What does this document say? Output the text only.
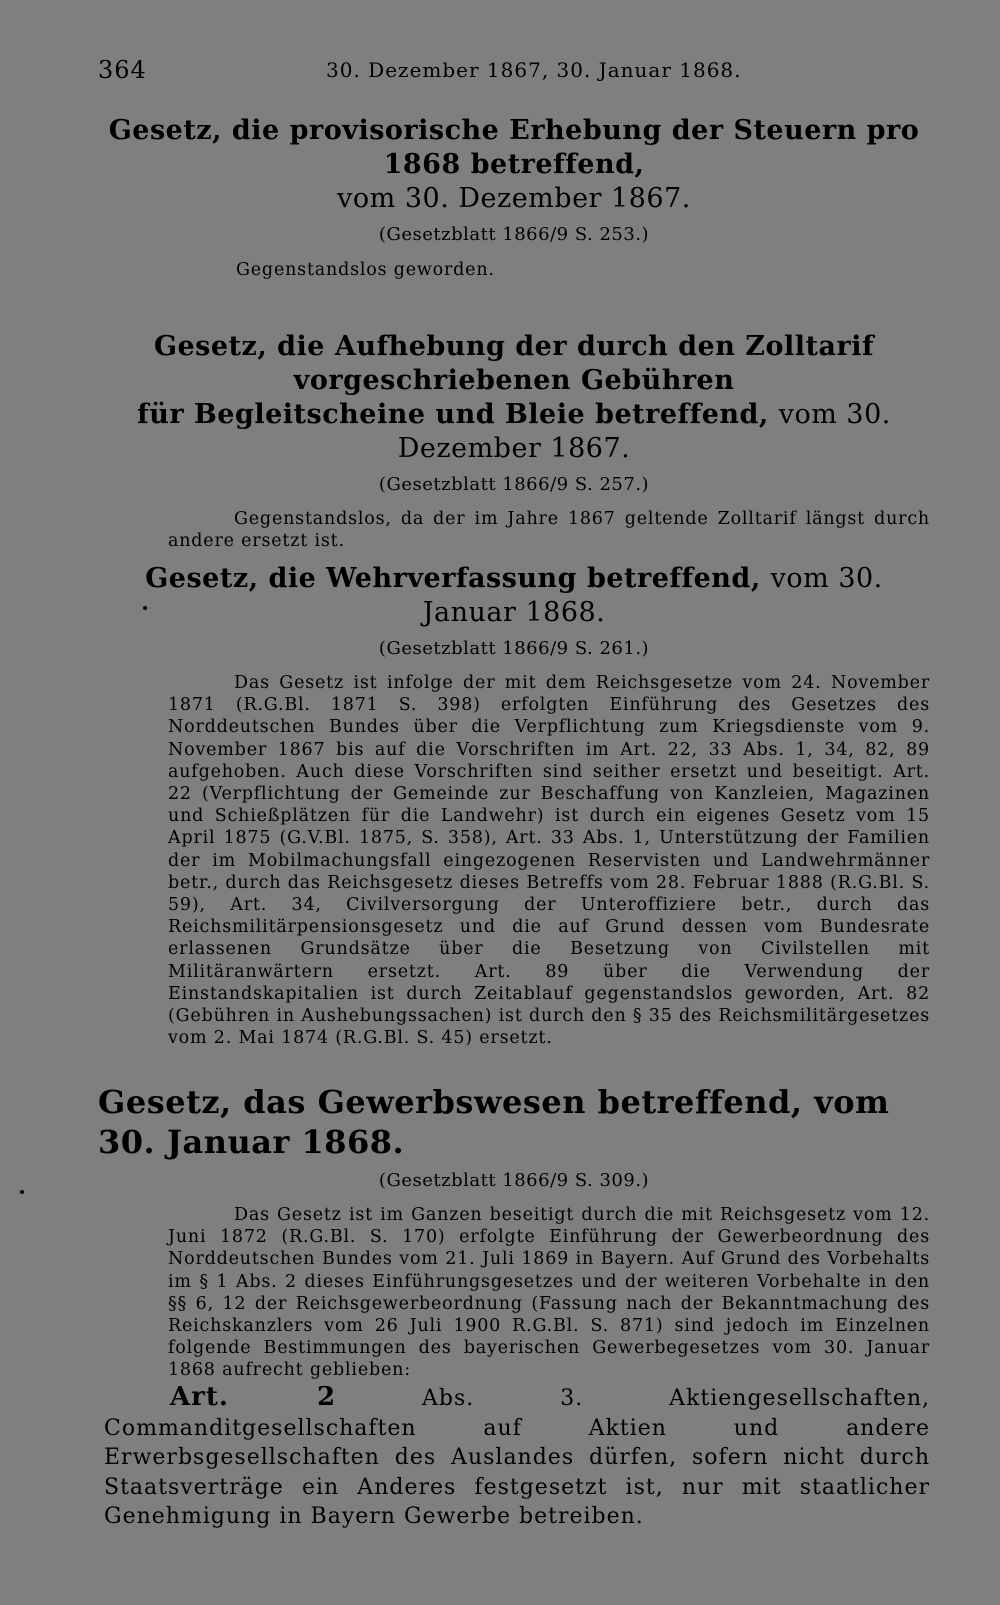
364	30. Dezember 1867, 30. Januar 1868.
Gesetz, die provisorische Erhebung der Steuern pro 1868 betreffend,
vom 30. Dezember 1867.
(Gesetzblatt 1866/9 S. 253.)
Gegenstandslos geworden.
Gesetz, die Aufhebung der durch den Zolltarif vorgeschriebenen Gebühren
für Begleitscheine und Bleie betreffend, vom 30. Dezember 1867.
(Gesetzblatt 1866/9 S. 257.)
Gegenstandslos, da der im Jahre 1867 geltende Zolltarif längst durch andere ersetzt ist.
Gesetz, die Wehrverfassung betreffend, vom 30. Januar 1868.
(Gesetzblatt 1866/9 S. 261.)
Das Gesetz ist infolge der mit dem Reichsgesetze vom 24. November 1871 (R.G.Bl. 1871 S. 398) erfolgten Einführung des Gesetzes des Norddeutschen Bundes über die Verpflichtung zum Kriegsdienste vom 9. November 1867 bis auf die Vorschriften im Art. 22, 33 Abs. 1, 34, 82, 89 aufgehoben. Auch diese Vorschriften sind seither ersetzt und beseitigt. Art. 22 (Verpflichtung der Gemeinde zur Beschaffung von Kanzleien, Magazinen und Schießplätzen für die Landwehr) ist durch ein eigenes Gesetz vom 15 April 1875 (G.V.Bl. 1875, S. 358), Art. 33 Abs. 1, Unterstützung der Familien der im Mobilmachungsfall eingezogenen Reservisten und Landwehrmänner betr., durch das Reichsgesetz dieses Betreffs vom 28. Februar 1888 (R.G.Bl. S. 59), Art. 34, Civilversorgung der Unteroffiziere betr., durch das Reichsmilitärpensionsgesetz und die auf Grund dessen vom Bundesrate erlassenen Grundsätze über die Besetzung von Civilstellen mit Militäranwärtern ersetzt. Art. 89 über die Verwendung der Einstandskapitalien ist durch Zeitablauf gegenstandslos geworden, Art. 82 (Gebühren in Aushebungssachen) ist durch den § 35 des Reichsmilitärgesetzes vom 2. Mai 1874 (R.G.Bl. S. 45) ersetzt.
Gesetz, das Gewerbswesen betreffend, vom 30. Januar 1868.
(Gesetzblatt 1866/9 S. 309.)
Das Gesetz ist im Ganzen beseitigt durch die mit Reichsgesetz vom 12. Juni 1872 (R.G.Bl. S. 170) erfolgte Einführung der Gewerbeordnung des Norddeutschen Bundes vom 21. Juli 1869 in Bayern. Auf Grund des Vorbehalts im § 1 Abs. 2 dieses Einführungsgesetzes und der weiteren Vorbehalte in den §§ 6, 12 der Reichsgewerbeordnung (Fassung nach der Bekanntmachung des Reichskanzlers vom 26 Juli 1900 R.G.Bl. S. 871) sind jedoch im Einzelnen folgende Bestimmungen des bayerischen Gewerbegesetzes vom 30. Januar 1868 aufrecht geblieben:
Art. 2	Abs. 3. Aktiengesellschaften, Commanditgesellschaften auf Aktien und andere Erwerbsgesellschaften des Auslandes dürfen, sofern nicht durch Staatsverträge ein Anderes festgesetzt ist, nur mit staatlicher Genehmigung in Bayern Gewerbe betreiben.
